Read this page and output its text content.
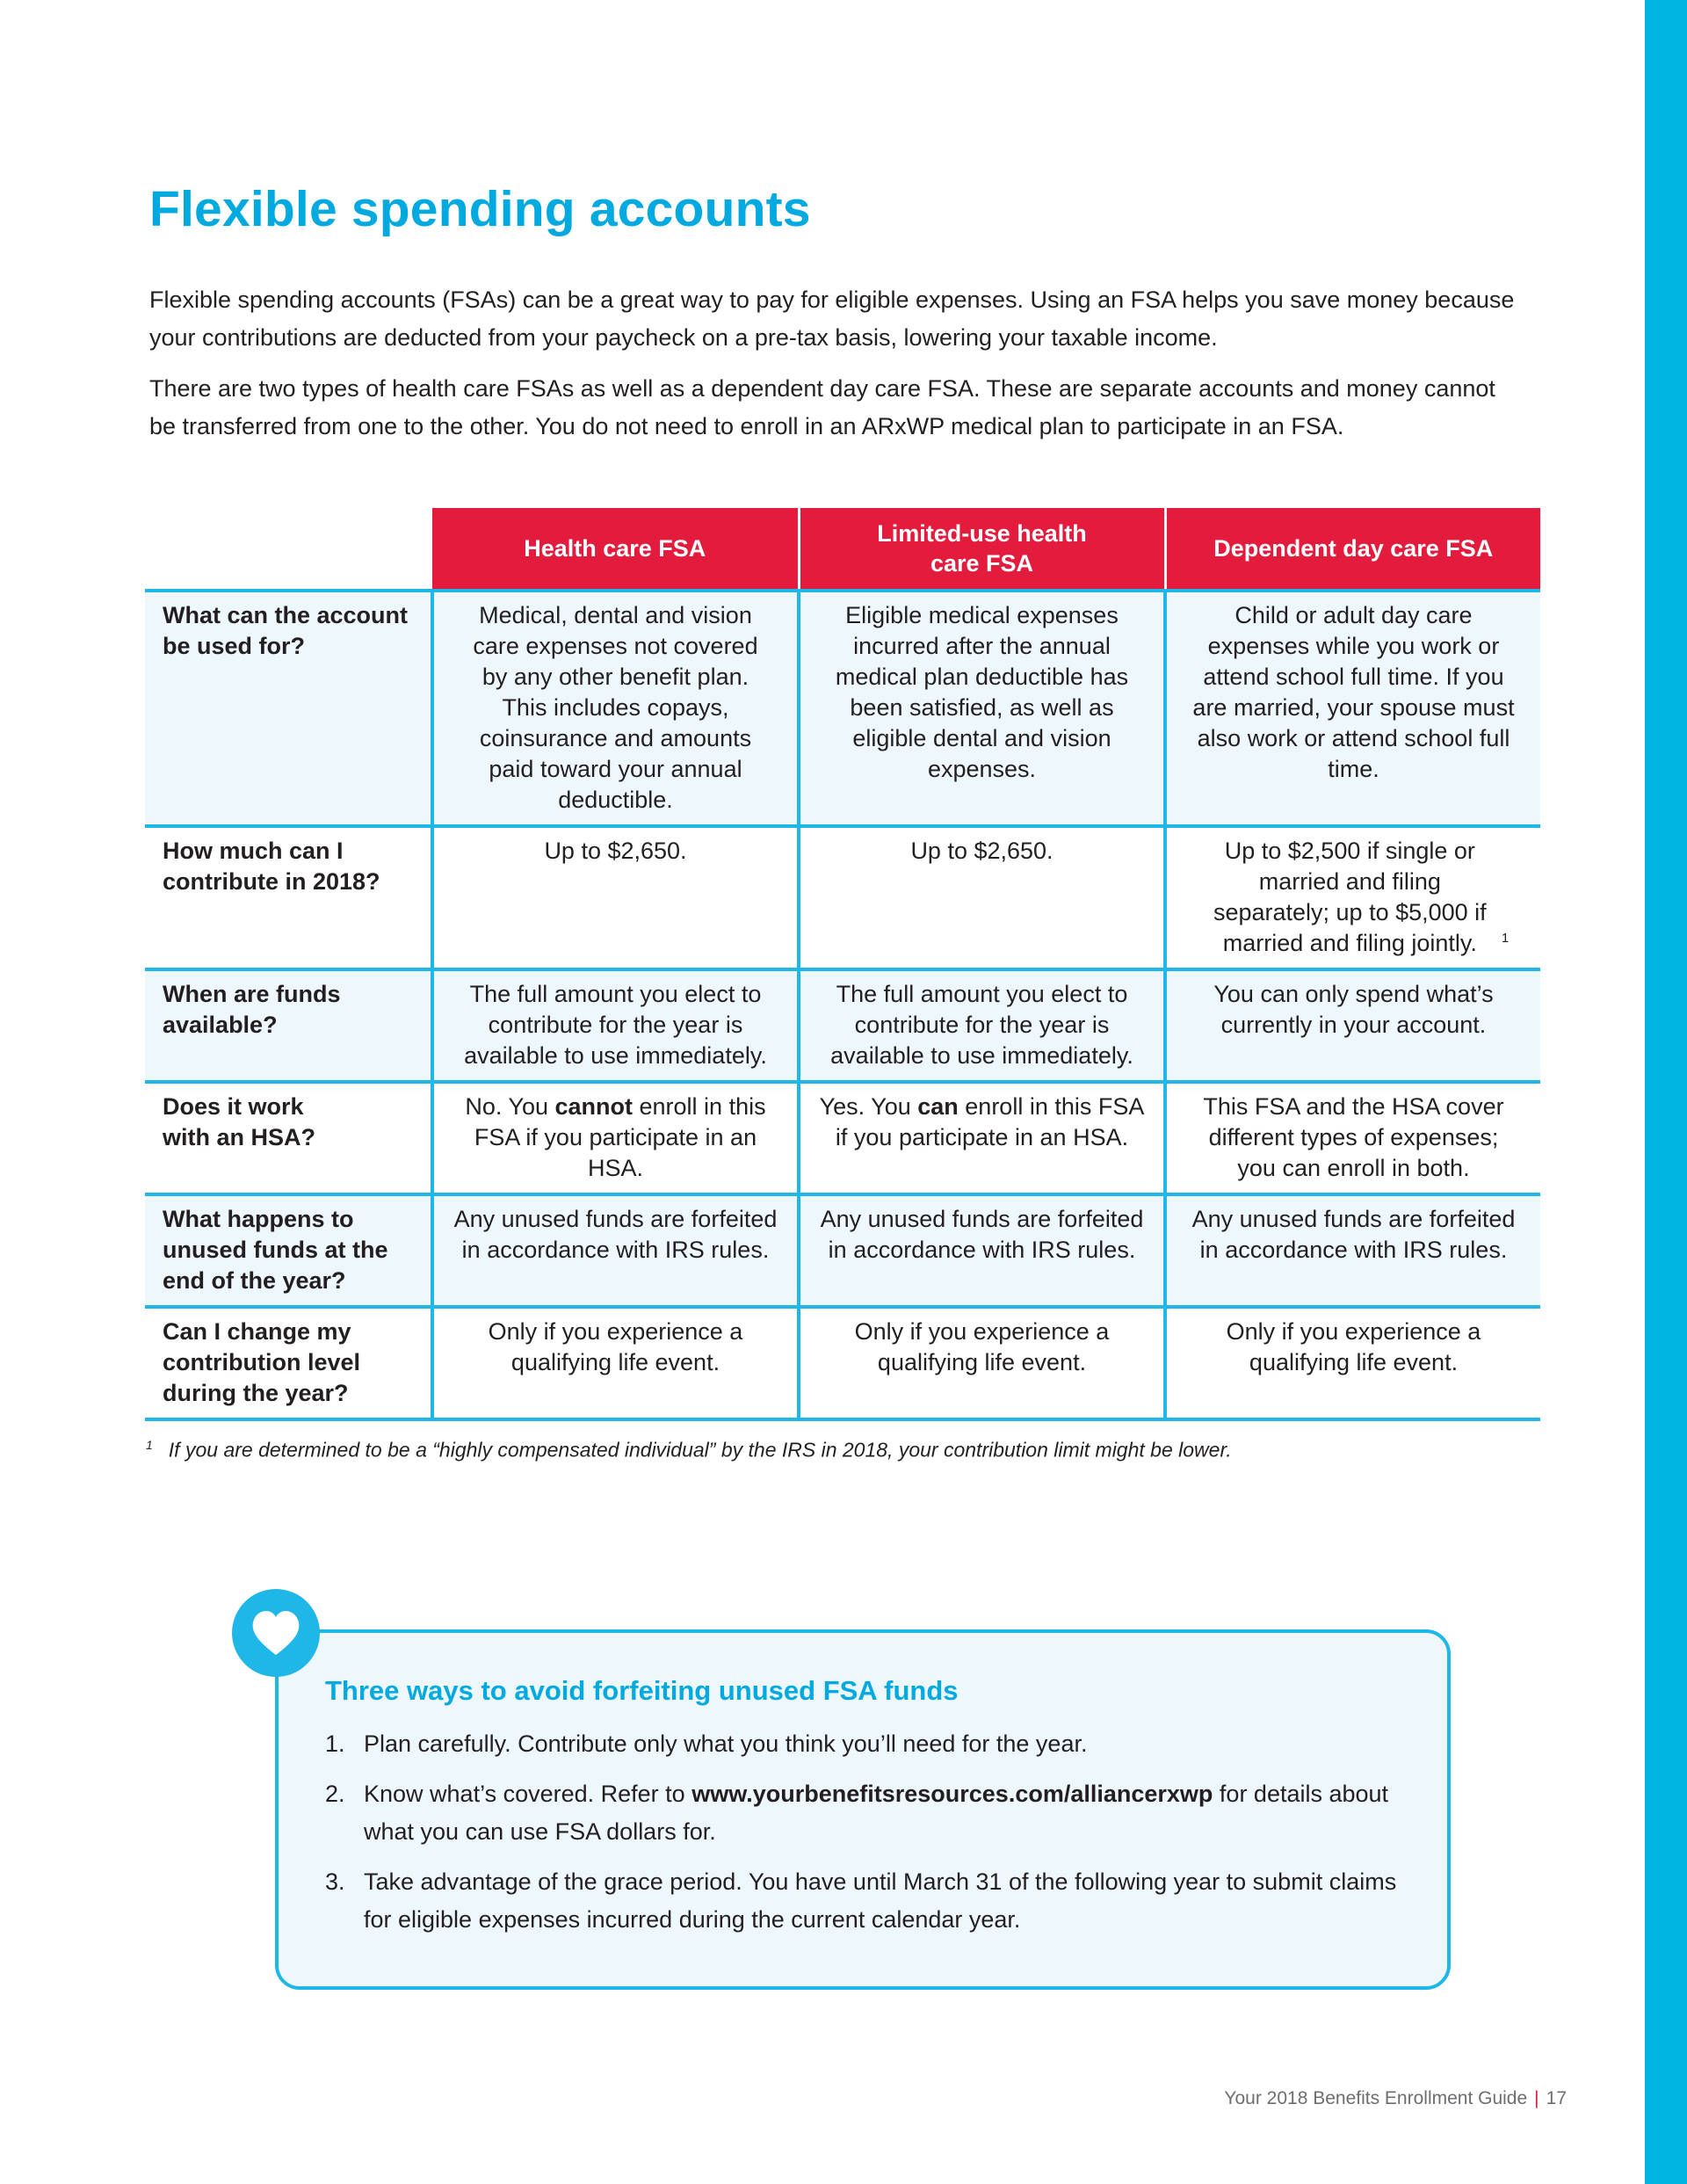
Flexible spending accounts

Flexible spending accounts (FSAs) can be a great way to pay for eligible expenses. Using an FSA helps you save money because your contributions are deducted from your paycheck on a pre-tax basis, lowering your taxable income.

There are two types of health care FSAs as well as a dependent day care FSA. These are separate accounts and money cannot be transferred from one to the other. You do not need to enroll in an ARxWP medical plan to participate in an FSA.

	Health care FSA	Limited-use health care FSA	Dependent day care FSA
What can the account be used for?	Medical, dental and vision care expenses not covered by any other benefit plan. This includes copays, coinsurance and amounts paid toward your annual deductible.	Eligible medical expenses incurred after the annual medical plan deductible has been satisfied, as well as eligible dental and vision expenses.	Child or adult day care expenses while you work or attend school full time. If you are married, your spouse must also work or attend school full time.
How much can I contribute in 2018?	Up to $2,650.	Up to $2,650.	Up to $2,500 if single or married and filing separately; up to $5,000 if married and filing jointly. $^1$
When are funds available?	The full amount you elect to contribute for the year is available to use immediately.	The full amount you elect to contribute for the year is available to use immediately.	You can only spend what’s currently in your account.
Does it work with an HSA?	No. You cannot enroll in this FSA if you participate in an HSA.	Yes. You can enroll in this FSA if you participate in an HSA.	This FSA and the HSA cover different types of expenses; you can enroll in both.
What happens to unused funds at the end of the year?	Any unused funds are forfeited in accordance with IRS rules.	Any unused funds are forfeited in accordance with IRS rules.	Any unused funds are forfeited in accordance with IRS rules.
Can I change my contribution level during the year?	Only if you experience a qualifying life event.	Only if you experience a qualifying life event.	Only if you experience a qualifying life event.
$^1$ If you are determined to be a “highly compensated individual” by the IRS in 2018, your contribution limit might be lower.
Three ways to avoid forfeiting unused FSA funds
1. Plan carefully. Contribute only what you think you’ll need for the year.
2. Know what’s covered. Refer to www.yourbenefitsresources.com/alliancerxwp for details about what you can use FSA dollars for.
3. Take advantage of the grace period. You have until March 31 of the following year to submit claims for eligible expenses incurred during the current calendar year.
Your 2018 Benefits Enrollment Guide | 17
